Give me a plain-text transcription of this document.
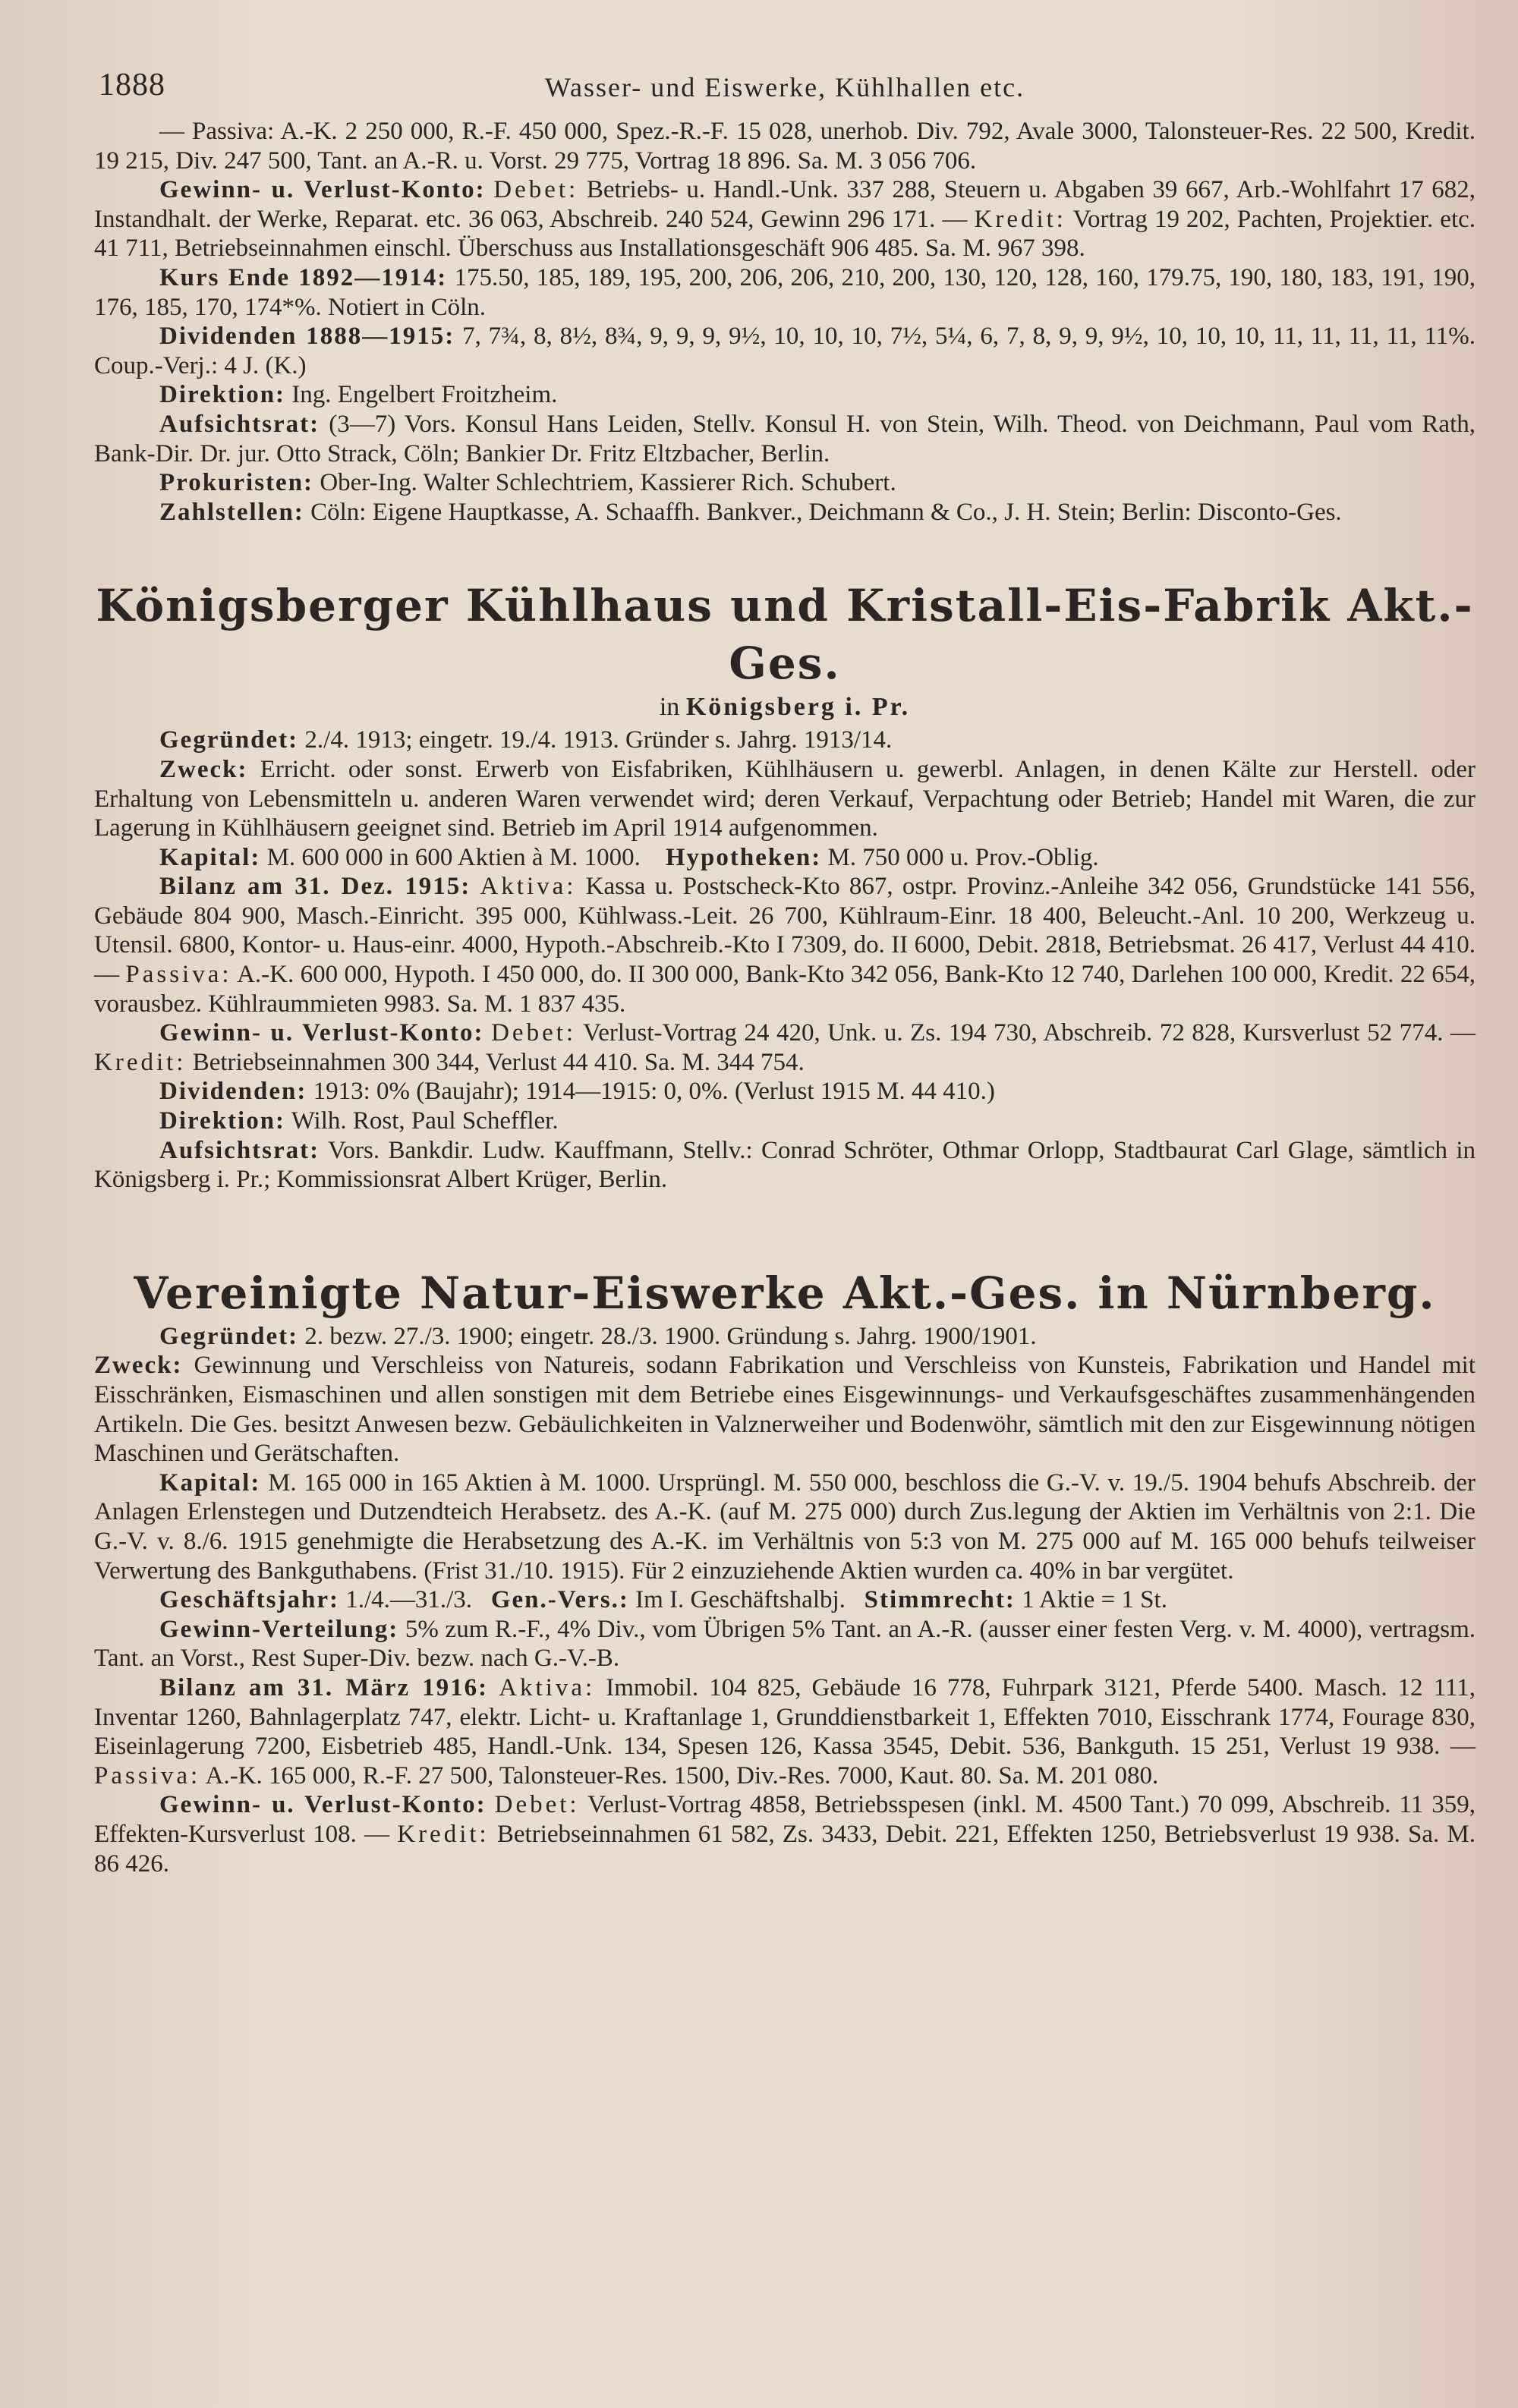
1888	Wasser- und Eiswerke, Kühlhallen etc.

— Passiva: A.-K. 2 250 000, R.-F. 450 000, Spez.-R.-F. 15 028, unerhob. Div. 792, Avale 3000, Talonsteuer-Res. 22 500, Kredit. 19 215, Div. 247 500, Tant. an A.-R. u. Vorst. 29 775, Vortrag 18 896. Sa. M. 3 056 706.

Gewinn- u. Verlust-Konto: Debet: Betriebs- u. Handl.-Unk. 337 288, Steuern u. Abgaben 39 667, Arb.-Wohlfahrt 17 682, Instandhalt. der Werke, Reparat. etc. 36 063, Abschreib. 240 524, Gewinn 296 171. — Kredit: Vortrag 19 202, Pachten, Projektier. etc. 41 711, Betriebseinnahmen einschl. Überschuss aus Installationsgeschäft 906 485. Sa. M. 967 398.

Kurs Ende 1892—1914: 175.50, 185, 189, 195, 200, 206, 206, 210, 200, 130, 120, 128, 160, 179.75, 190, 180, 183, 191, 190, 176, 185, 170, 174*%. Notiert in Cöln.

Dividenden 1888—1915: 7, 7¾, 8, 8½, 8¾, 9, 9, 9, 9½, 10, 10, 10, 7½, 5¼, 6, 7, 8, 9, 9, 9½, 10, 10, 10, 11, 11, 11, 11, 11%. Coup.-Verj.: 4 J. (K.)

Direktion: Ing. Engelbert Froitzheim.

Aufsichtsrat: (3—7) Vors. Konsul Hans Leiden, Stellv. Konsul H. von Stein, Wilh. Theod. von Deichmann, Paul vom Rath, Bank-Dir. Dr. jur. Otto Strack, Cöln; Bankier Dr. Fritz Eltzbacher, Berlin.

Prokuristen: Ober-Ing. Walter Schlechtriem, Kassierer Rich. Schubert.

Zahlstellen: Cöln: Eigene Hauptkasse, A. Schaaffh. Bankver., Deichmann & Co., J. H. Stein; Berlin: Disconto-Ges.

Königsberger Kühlhaus und Kristall-Eis-Fabrik Akt.-Ges.

in Königsberg i. Pr.

Gegründet: 2./4. 1913; eingetr. 19./4. 1913. Gründer s. Jahrg. 1913/14.

Zweck: Erricht. oder sonst. Erwerb von Eisfabriken, Kühlhäusern u. gewerbl. Anlagen, in denen Kälte zur Herstell. oder Erhaltung von Lebensmitteln u. anderen Waren verwendet wird; deren Verkauf, Verpachtung oder Betrieb; Handel mit Waren, die zur Lagerung in Kühlhäusern geeignet sind. Betrieb im April 1914 aufgenommen.

Kapital: M. 600 000 in 600 Aktien à M. 1000. Hypotheken: M. 750 000 u. Prov.-Oblig.

Bilanz am 31. Dez. 1915: Aktiva: Kassa u. Postscheck-Kto 867, ostpr. Provinz.-Anleihe 342 056, Grundstücke 141 556, Gebäude 804 900, Masch.-Einricht. 395 000, Kühlwass.-Leit. 26 700, Kühlraum-Einr. 18 400, Beleucht.-Anl. 10 200, Werkzeug u. Utensil. 6800, Kontor- u. Haus-einr. 4000, Hypoth.-Abschreib.-Kto I 7309, do. II 6000, Debit. 2818, Betriebsmat. 26 417, Verlust 44 410. — Passiva: A.-K. 600 000, Hypoth. I 450 000, do. II 300 000, Bank-Kto 342 056, Bank-Kto 12 740, Darlehen 100 000, Kredit. 22 654, vorausbez. Kühlraummieten 9983. Sa. M. 1 837 435.

Gewinn- u. Verlust-Konto: Debet: Verlust-Vortrag 24 420, Unk. u. Zs. 194 730, Abschreib. 72 828, Kursverlust 52 774. — Kredit: Betriebseinnahmen 300 344, Verlust 44 410. Sa. M. 344 754.

Dividenden: 1913: 0% (Baujahr); 1914—1915: 0, 0%. (Verlust 1915 M. 44 410.)

Direktion: Wilh. Rost, Paul Scheffler.

Aufsichtsrat: Vors. Bankdir. Ludw. Kauffmann, Stellv.: Conrad Schröter, Othmar Orlopp, Stadtbaurat Carl Glage, sämtlich in Königsberg i. Pr.; Kommissionsrat Albert Krüger, Berlin.

Vereinigte Natur-Eiswerke Akt.-Ges. in Nürnberg.

Gegründet: 2. bezw. 27./3. 1900; eingetr. 28./3. 1900. Gründung s. Jahrg. 1900/1901.

Zweck: Gewinnung und Verschleiss von Natureis, sodann Fabrikation und Verschleiss von Kunsteis, Fabrikation und Handel mit Eisschränken, Eismaschinen und allen sonstigen mit dem Betriebe eines Eisgewinnungs- und Verkaufsgeschäftes zusammenhängenden Artikeln. Die Ges. besitzt Anwesen bezw. Gebäulichkeiten in Valznerweiher und Bodenwöhr, sämtlich mit den zur Eisgewinnung nötigen Maschinen und Gerätschaften.

Kapital: M. 165 000 in 165 Aktien à M. 1000. Ursprüngl. M. 550 000, beschloss die G.-V. v. 19./5. 1904 behufs Abschreib. der Anlagen Erlenstegen und Dutzendteich Herabsetz. des A.-K. (auf M. 275 000) durch Zus.legung der Aktien im Verhältnis von 2:1. Die G.-V. v. 8./6. 1915 genehmigte die Herabsetzung des A.-K. im Verhältnis von 5:3 von M. 275 000 auf M. 165 000 behufs teilweiser Verwertung des Bankguthabens. (Frist 31./10. 1915). Für 2 einzuziehende Aktien wurden ca. 40% in bar vergütet.

Geschäftsjahr: 1./4.—31./3. Gen.-Vers.: Im I. Geschäftshalbj. Stimmrecht: 1 Aktie = 1 St.

Gewinn-Verteilung: 5% zum R.-F., 4% Div., vom Übrigen 5% Tant. an A.-R. (ausser einer festen Verg. v. M. 4000), vertragsm. Tant. an Vorst., Rest Super-Div. bezw. nach G.-V.-B.

Bilanz am 31. März 1916: Aktiva: Immobil. 104 825, Gebäude 16 778, Fuhrpark 3121, Pferde 5400. Masch. 12 111, Inventar 1260, Bahnlagerplatz 747, elektr. Licht- u. Kraftanlage 1, Grunddienstbarkeit 1, Effekten 7010, Eisschrank 1774, Fourage 830, Eiseinlagerung 7200, Eisbetrieb 485, Handl.-Unk. 134, Spesen 126, Kassa 3545, Debit. 536, Bankguth. 15 251, Verlust 19 938. — Passiva: A.-K. 165 000, R.-F. 27 500, Talonsteuer-Res. 1500, Div.-Res. 7000, Kaut. 80. Sa. M. 201 080.

Gewinn- u. Verlust-Konto: Debet: Verlust-Vortrag 4858, Betriebsspesen (inkl. M. 4500 Tant.) 70 099, Abschreib. 11 359, Effekten-Kursverlust 108. — Kredit: Betriebseinnahmen 61 582, Zs. 3433, Debit. 221, Effekten 1250, Betriebsverlust 19 938. Sa. M. 86 426.
